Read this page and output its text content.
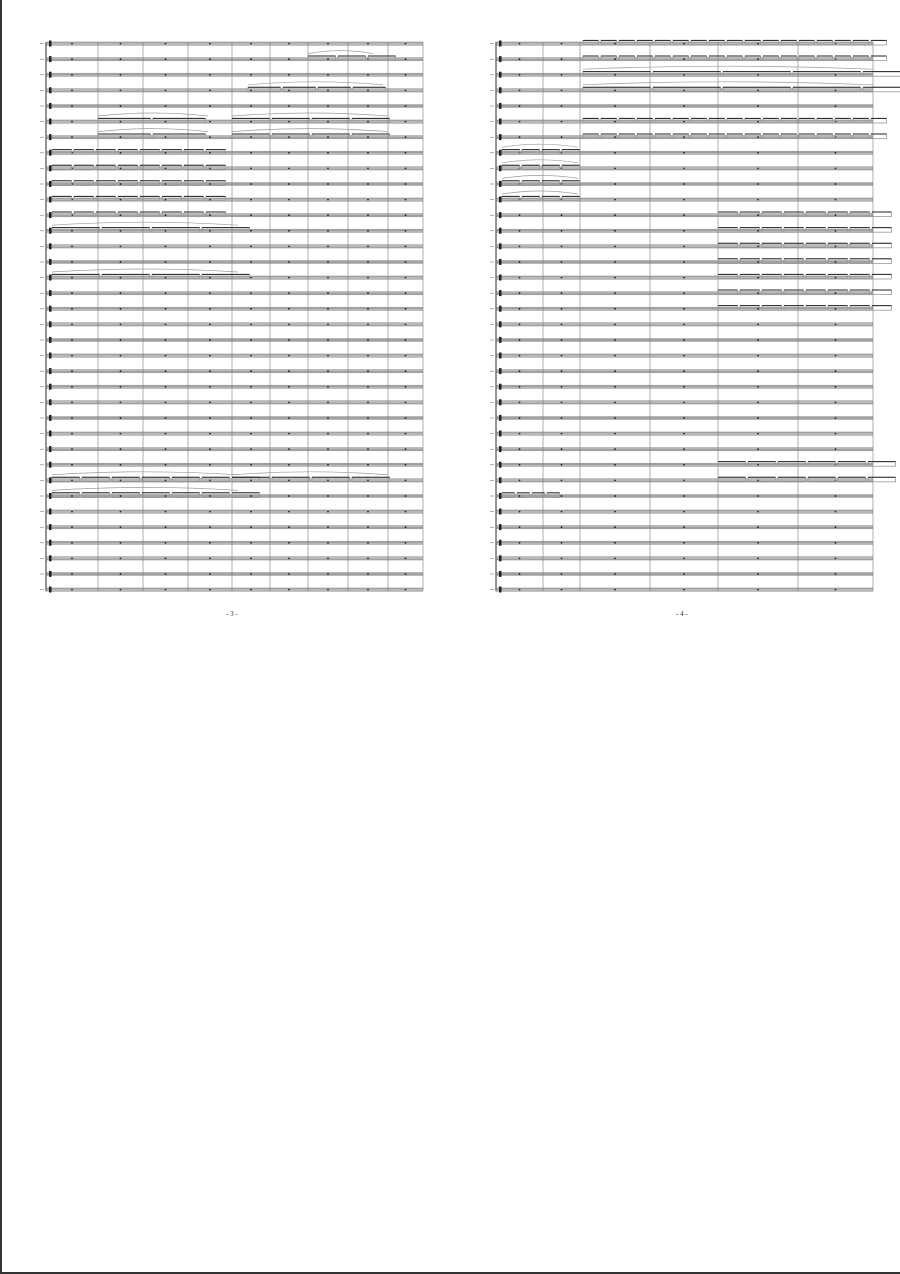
- 3 -	- 4 -
